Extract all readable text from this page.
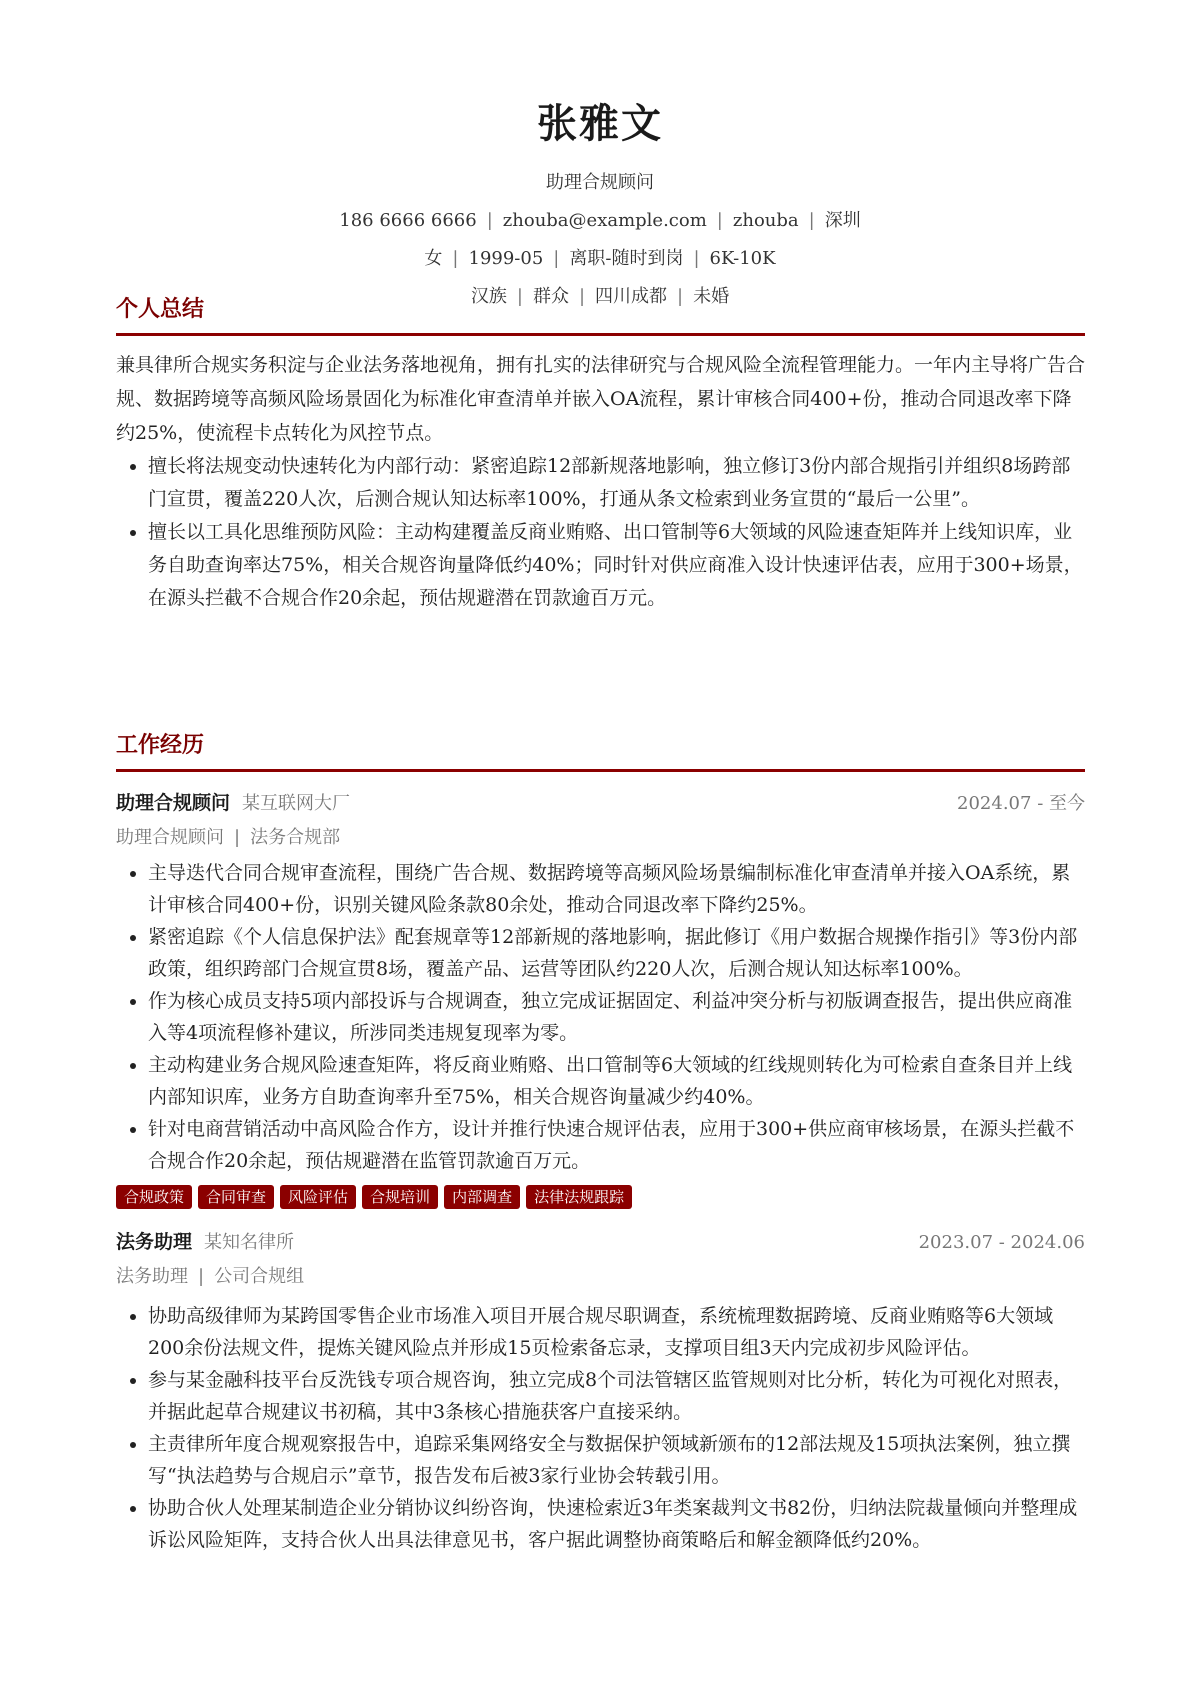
张雅文
助理合规顾问
186 6666 6666 | zhouba@example.com | zhouba | 深圳
女 | 1999-05 | 离职-随时到岗 | 6K-10K
汉族 | 群众 | 四川成都 | 未婚
个人总结
兼具律所合规实务积淀与企业法务落地视角，拥有扎实的法律研究与合规风险全流程管理能力。一年内主导将广告合规、数据跨境等高频风险场景固化为标准化审查清单并嵌入OA流程，累计审核合同400+份，推动合同退改率下降约25%，使流程卡点转化为风控节点。
• 擅长将法规变动快速转化为内部行动：紧密追踪12部新规落地影响，独立修订3份内部合规指引并组织8场跨部门宣贯，覆盖220人次，后测合规认知达标率100%，打通从条文检索到业务宣贯的“最后一公里”。
• 擅长以工具化思维预防风险：主动构建覆盖反商业贿赂、出口管制等6大领域的风险速查矩阵并上线知识库，业务自助查询率达75%，相关合规咨询量降低约40%；同时针对供应商准入设计快速评估表，应用于300+场景，在源头拦截不合规合作20余起，预估规避潜在罚款逾百万元。
工作经历
助理合规顾问 某互联网大厂	2024.07 - 至今
助理合规顾问 | 法务合规部
• 主导迭代合同合规审查流程，围绕广告合规、数据跨境等高频风险场景编制标准化审查清单并接入OA系统，累计审核合同400+份，识别关键风险条款80余处，推动合同退改率下降约25%。
• 紧密追踪《个人信息保护法》配套规章等12部新规的落地影响，据此修订《用户数据合规操作指引》等3份内部政策，组织跨部门合规宣贯8场，覆盖产品、运营等团队约220人次，后测合规认知达标率100%。
• 作为核心成员支持5项内部投诉与合规调查，独立完成证据固定、利益冲突分析与初版调查报告，提出供应商准入等4项流程修补建议，所涉同类违规复现率为零。
• 主动构建业务合规风险速查矩阵，将反商业贿赂、出口管制等6大领域的红线规则转化为可检索自查条目并上线内部知识库，业务方自助查询率升至75%，相关合规咨询量减少约40%。
• 针对电商营销活动中高风险合作方，设计并推行快速合规评估表，应用于300+供应商审核场景，在源头拦截不合规合作20余起，预估规避潜在监管罚款逾百万元。
合规政策	合同审查	风险评估	合规培训	内部调查	法律法规跟踪
法务助理 某知名律所	2023.07 - 2024.06
法务助理 | 公司合规组
• 协助高级律师为某跨国零售企业市场准入项目开展合规尽职调查，系统梳理数据跨境、反商业贿赂等6大领域200余份法规文件，提炼关键风险点并形成15页检索备忘录，支撑项目组3天内完成初步风险评估。
• 参与某金融科技平台反洗钱专项合规咨询，独立完成8个司法管辖区监管规则对比分析，转化为可视化对照表，并据此起草合规建议书初稿，其中3条核心措施获客户直接采纳。
• 主责律所年度合规观察报告中，追踪采集网络安全与数据保护领域新颁布的12部法规及15项执法案例，独立撰写“执法趋势与合规启示”章节，报告发布后被3家行业协会转载引用。
• 协助合伙人处理某制造企业分销协议纠纷咨询，快速检索近3年类案裁判文书82份，归纳法院裁量倾向并整理成诉讼风险矩阵，支持合伙人出具法律意见书，客户据此调整协商策略后和解金额降低约20%。
